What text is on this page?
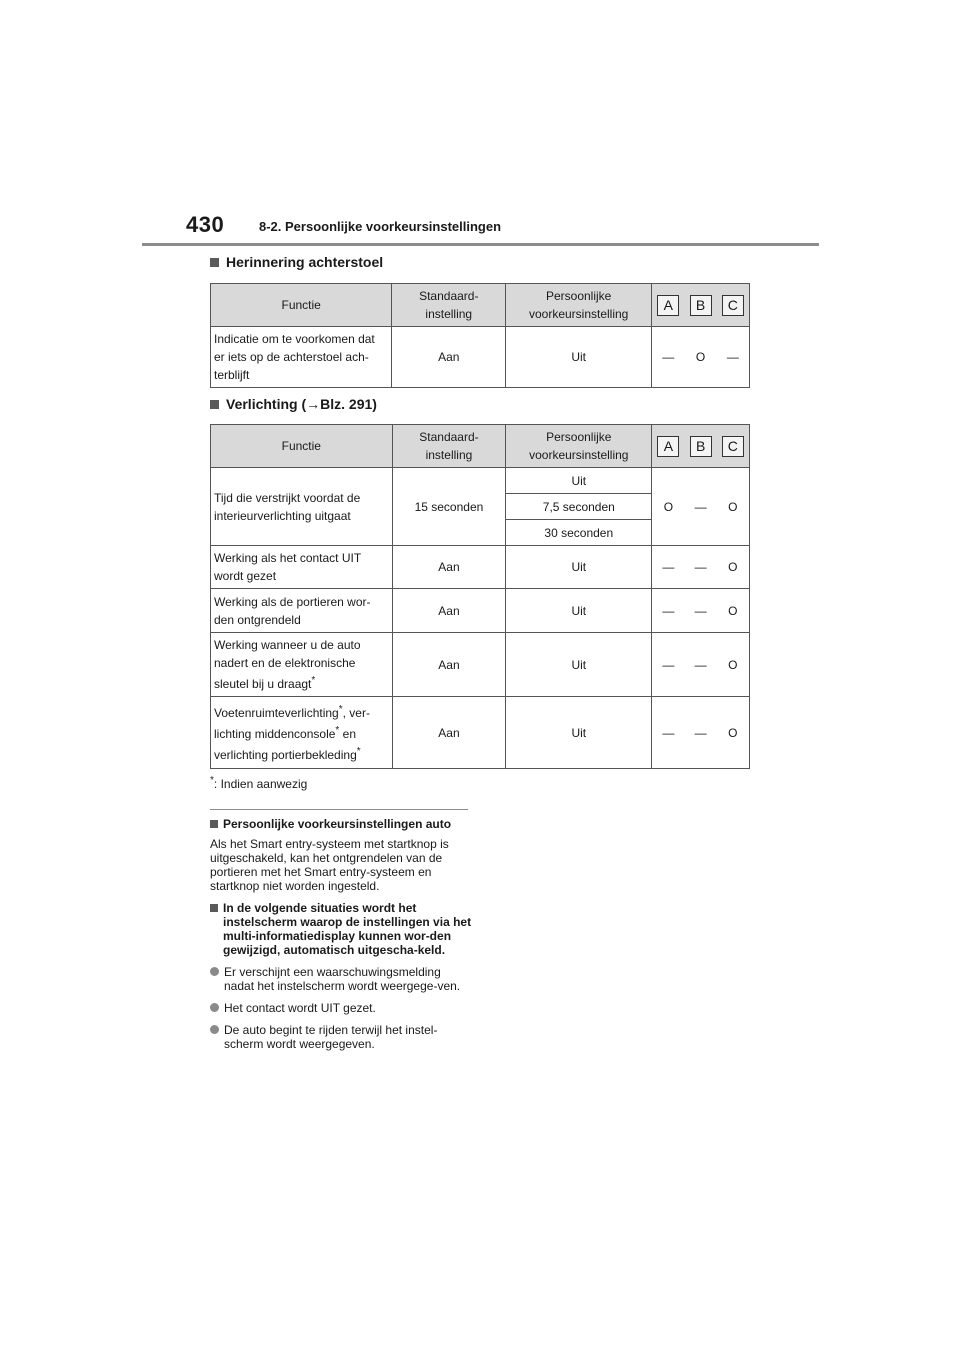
430	8-2. Persoonlijke voorkeursinstellingen
Herinnering achterstoel
Functie	Standaard-instelling	Persoonlijke voorkeursinstelling	A B C

Indicatie om te voorkomen dat er iets op de achterstoel ach-terblijft	Aan	Uit	— O —
Verlichting (→Blz. 291)
Functie	Standaard-instelling	Persoonlijke voorkeursinstelling	A B C

Tijd die verstrijkt voordat de interieurverlichting uitgaat	15 seconden	Uit	O — O

		7,5 seconden	
		30 seconden	
Werking als het contact UIT wordt gezet	Aan	Uit	— — O

Werking als de portieren wor-den ontgrendeld	Aan	Uit	— — O

Werking wanneer u de auto nadert en de elektronische sleutel bij u draagt*	Aan	Uit	— — O

Voetenruimteverlichting*, ver-lichting middenconsole* en verlichting portierbekleding*	Aan	Uit	— — O
*: Indien aanwezig
Persoonlijke voorkeursinstellingen auto

Als het Smart entry-systeem met startknop is uitgeschakeld, kan het ontgrendelen van de portieren met het Smart entry-systeem en startknop niet worden ingesteld.

In de volgende situaties wordt het instelscherm waarop de instellingen via het multi-informatiedisplay kunnen wor-den gewijzigd, automatisch uitgescha-keld.
Er verschijnt een waarschuwingsmelding nadat het instelscherm wordt weergege-ven.
Het contact wordt UIT gezet.
De auto begint te rijden terwijl het instel-scherm wordt weergegeven.
